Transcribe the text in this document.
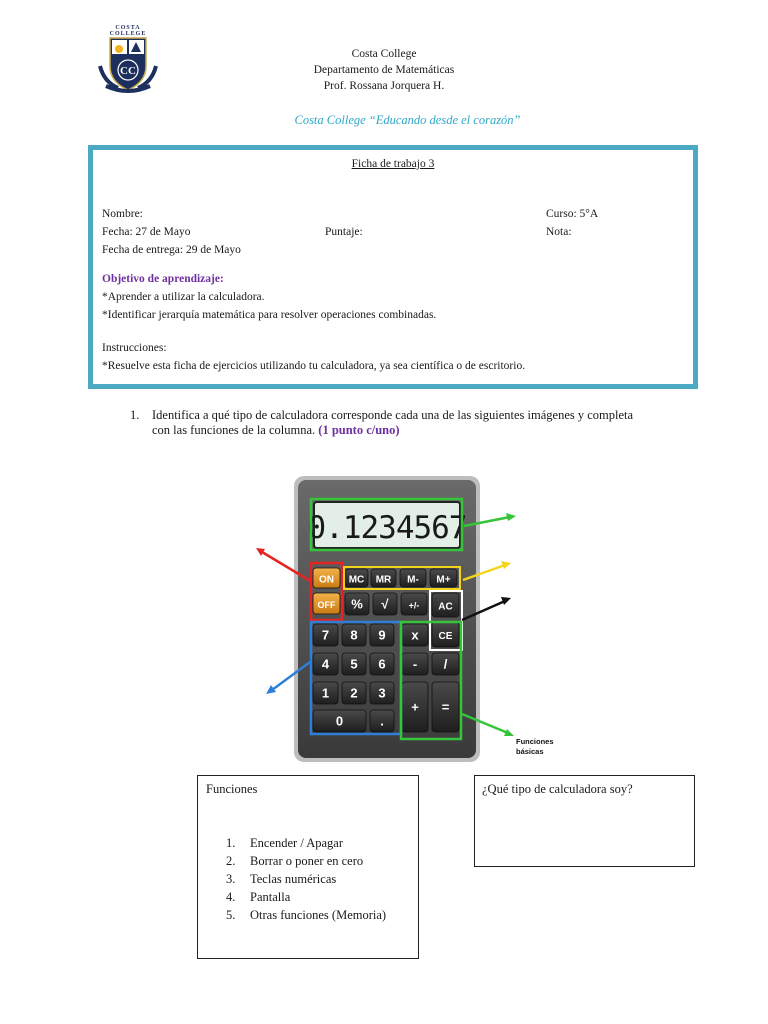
COSTA
COLLEGE
CC
Costa College
Departamento de Matemáticas
Prof. Rossana Jorquera H.
Costa College “Educando desde el corazón”
Ficha de trabajo 3
Nombre:	Curso: 5°A
Fecha: 27 de Mayo	Puntaje:	Nota:
Fecha de entrega: 29 de Mayo
Objetivo de aprendizaje:
*Aprender a utilizar la calculadora.
*Identificar jerarquía matemática para resolver operaciones combinadas.
Instrucciones:
*Resuelve esta ficha de ejercicios utilizando tu calculadora, ya sea científica o de escritorio.
1. Identifica a qué tipo de calculadora corresponde cada una de las siguientes imágenes y completa con las funciones de la columna. (1 punto c/uno)
0.1234567
ON
OFF
MC MR M- M+
% √ +/- AC
7 8 9 x CE
4 5 6 - /
1 2 3
+ =
0	.
Funciones
básicas
Funciones
1. Encender / Apagar
2. Borrar o poner en cero
3. Teclas numéricas
4. Pantalla
5. Otras funciones (Memoria)
¿Qué tipo de calculadora soy?
